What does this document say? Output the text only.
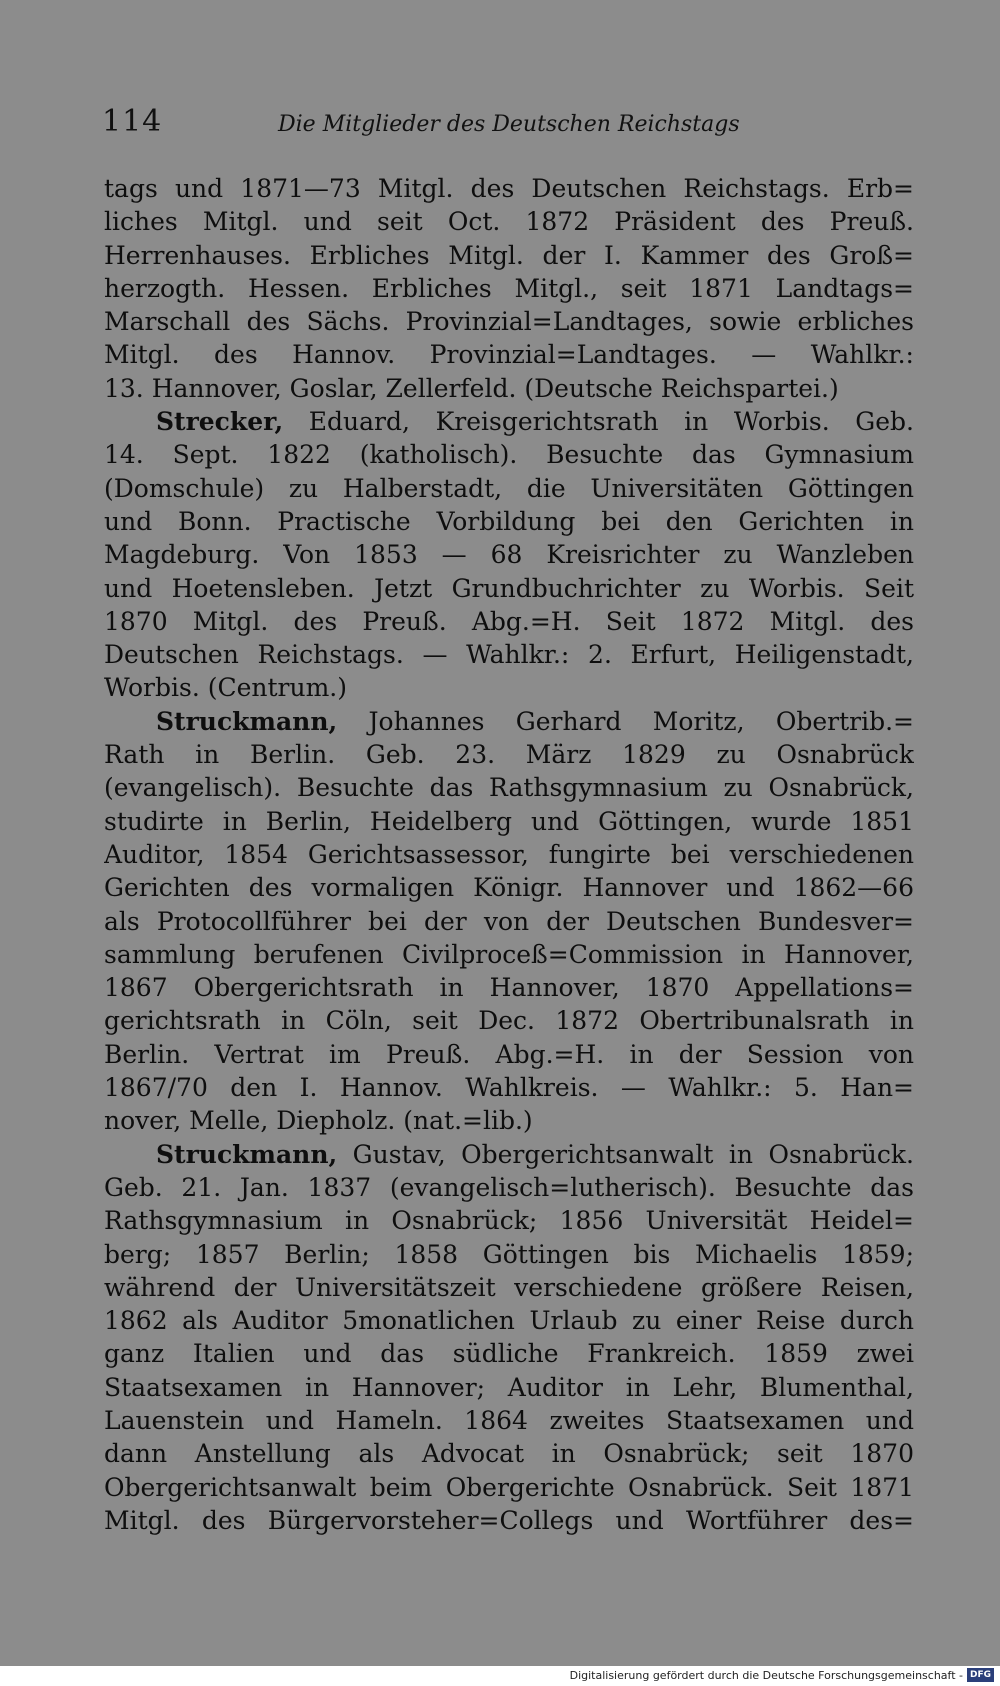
114	Die Mitglieder des Deutschen Reichstags
tags und 1871—73 Mitgl. des Deutschen Reichstags. Erb=
liches Mitgl. und seit Oct. 1872 Präsident des Preuß.
Herrenhauses. Erbliches Mitgl. der I. Kammer des Groß=
herzogth. Hessen. Erbliches Mitgl., seit 1871 Landtags=
Marschall des Sächs. Provinzial=Landtages, sowie erbliches
Mitgl. des Hannov. Provinzial=Landtages. — Wahlkr.:
13. Hannover, Goslar, Zellerfeld. (Deutsche Reichspartei.)
Strecker, Eduard, Kreisgerichtsrath in Worbis. Geb.
14. Sept. 1822 (katholisch). Besuchte das Gymnasium
(Domschule) zu Halberstadt, die Universitäten Göttingen
und Bonn. Practische Vorbildung bei den Gerichten in
Magdeburg. Von 1853 — 68 Kreisrichter zu Wanzleben
und Hoetensleben. Jetzt Grundbuchrichter zu Worbis. Seit
1870 Mitgl. des Preuß. Abg.=H. Seit 1872 Mitgl. des
Deutschen Reichstags. — Wahlkr.: 2. Erfurt, Heiligenstadt,
Worbis. (Centrum.)
Struckmann, Johannes Gerhard Moritz, Obertrib.=
Rath in Berlin. Geb. 23. März 1829 zu Osnabrück
(evangelisch). Besuchte das Rathsgymnasium zu Osnabrück,
studirte in Berlin, Heidelberg und Göttingen, wurde 1851
Auditor, 1854 Gerichtsassessor, fungirte bei verschiedenen
Gerichten des vormaligen Königr. Hannover und 1862—66
als Protocollführer bei der von der Deutschen Bundesver=
sammlung berufenen Civilproceß=Commission in Hannover,
1867 Obergerichtsrath in Hannover, 1870 Appellations=
gerichtsrath in Cöln, seit Dec. 1872 Obertribunalsrath in
Berlin. Vertrat im Preuß. Abg.=H. in der Session von
1867/70 den I. Hannov. Wahlkreis. — Wahlkr.: 5. Han=
nover, Melle, Diepholz. (nat.=lib.)
Struckmann, Gustav, Obergerichtsanwalt in Osnabrück.
Geb. 21. Jan. 1837 (evangelisch=lutherisch). Besuchte das
Rathsgymnasium in Osnabrück; 1856 Universität Heidel=
berg; 1857 Berlin; 1858 Göttingen bis Michaelis 1859;
während der Universitätszeit verschiedene größere Reisen,
1862 als Auditor 5monatlichen Urlaub zu einer Reise durch
ganz Italien und das südliche Frankreich. 1859 zwei
Staatsexamen in Hannover; Auditor in Lehr, Blumenthal,
Lauenstein und Hameln. 1864 zweites Staatsexamen und
dann Anstellung als Advocat in Osnabrück; seit 1870
Obergerichtsanwalt beim Obergerichte Osnabrück. Seit 1871
Mitgl. des Bürgervorsteher=Collegs und Wortführer des=
Digitalisierung gefördert durch die Deutsche Forschungsgemeinschaft - DFG
